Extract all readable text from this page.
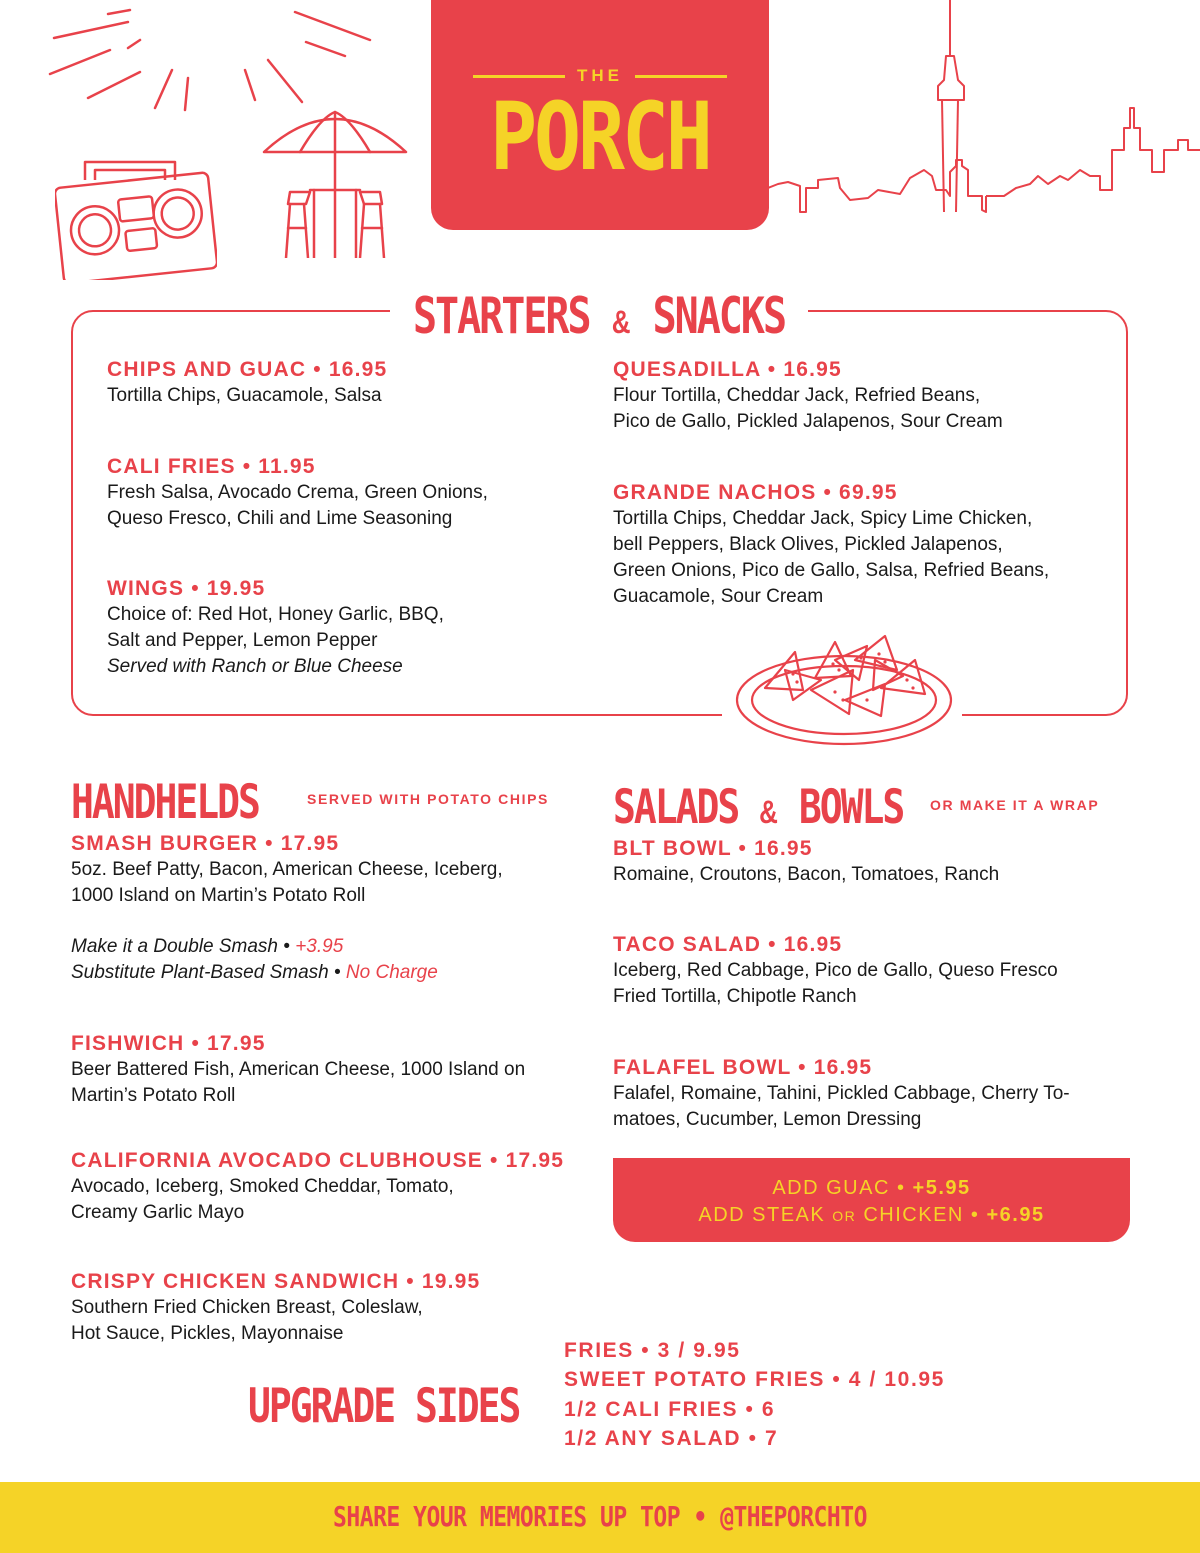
THE
PORCH
STARTERS & SNACKS

CHIPS AND GUAC • 16.95

Tortilla Chips, Guacamole, Salsa

CALI FRIES • 11.95

Fresh Salsa, Avocado Crema, Green Onions,

Queso Fresco, Chili and Lime Seasoning

WINGS • 19.95

Choice of: Red Hot, Honey Garlic, BBQ,

Salt and Pepper, Lemon Pepper

Served with Ranch or Blue Cheese

QUESADILLA • 16.95

Flour Tortilla, Cheddar Jack, Refried Beans,

Pico de Gallo, Pickled Jalapenos, Sour Cream

GRANDE NACHOS • 69.95

Tortilla Chips, Cheddar Jack, Spicy Lime Chicken,

bell Peppers, Black Olives, Pickled Jalapenos,

Green Onions, Pico de Gallo, Salsa, Refried Beans,

Guacamole, Sour Cream

HANDHELDS	SERVED WITH POTATO CHIPS

SMASH BURGER • 17.95

5oz. Beef Patty, Bacon, American Cheese, Iceberg,

1000 Island on Martin’s Potato Roll

Make it a Double Smash • +3.95

Substitute Plant-Based Smash • No Charge

FISHWICH • 17.95

Beer Battered Fish, American Cheese, 1000 Island on

Martin’s Potato Roll

CALIFORNIA AVOCADO CLUBHOUSE • 17.95

Avocado, Iceberg, Smoked Cheddar, Tomato,

Creamy Garlic Mayo

CRISPY CHICKEN SANDWICH • 19.95

Southern Fried Chicken Breast, Coleslaw,

Hot Sauce, Pickles, Mayonnaise

SALADS & BOWLS OR MAKE IT A WRAP

BLT BOWL • 16.95

Romaine, Croutons, Bacon, Tomatoes, Ranch

TACO SALAD • 16.95

Iceberg, Red Cabbage, Pico de Gallo, Queso Fresco

Fried Tortilla, Chipotle Ranch

FALAFEL BOWL • 16.95

Falafel, Romaine, Tahini, Pickled Cabbage, Cherry To-

matoes, Cucumber, Lemon Dressing

ADD GUAC • +5.95
ADD STEAK OR CHICKEN • +6.95
UPGRADE SIDES
FRIES • 3 / 9.95
SWEET POTATO FRIES • 4 / 10.95
1/2 CALI FRIES • 6
1/2 ANY SALAD • 7
SHARE YOUR MEMORIES UP TOP • @THEPORCHTO
